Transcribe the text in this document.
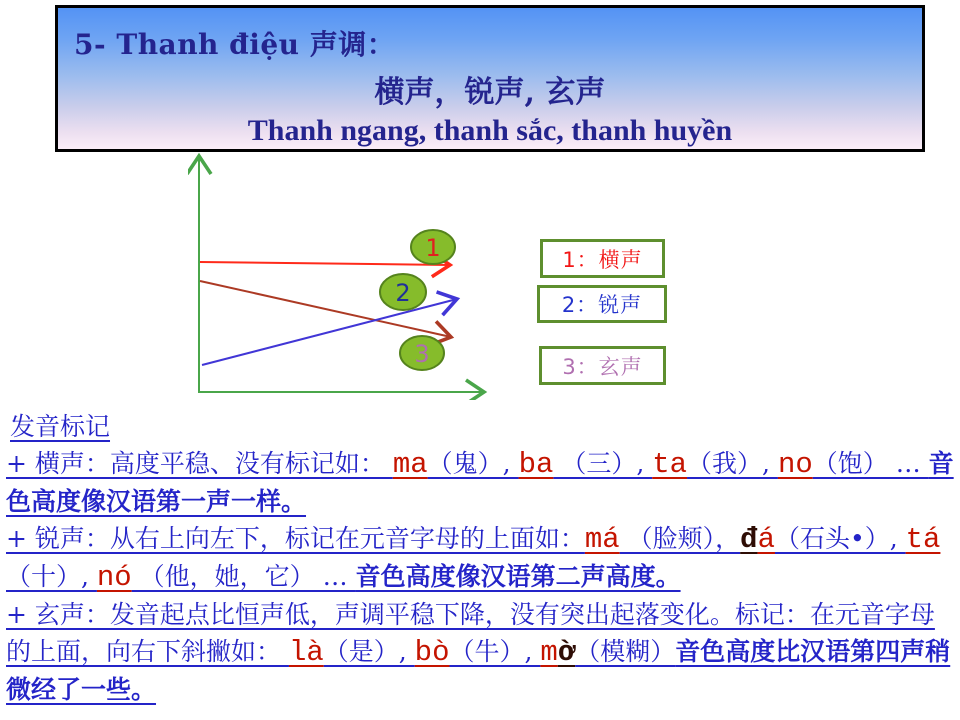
5- Thanh điệu 声调：
横声，锐声, 玄声
Thanh ngang, thanh sắc, thanh huyền
1
2
3
1：横声
2：锐声
3：玄声
发音标记

+ 横声：高度平稳、没有标记如： ma（鬼）, ba （三）, ta（我）, no（饱） … 音色高度像汉语第一声一样。

+ 锐声：从右上向左下，标记在元音字母的上面如：má （脸颊），đá（石头•）, tá（十）, nó （他，她，它） … 音色高度像汉语第二声高度。

+ 玄声：发音起点比恒声低，声调平稳下降，没有突出起落变化。标记：在元音字母的上面，向右下斜撇如： là（是）, bò（牛）, mờ（模糊）音色高度比汉语第四声稍微经了一些。
